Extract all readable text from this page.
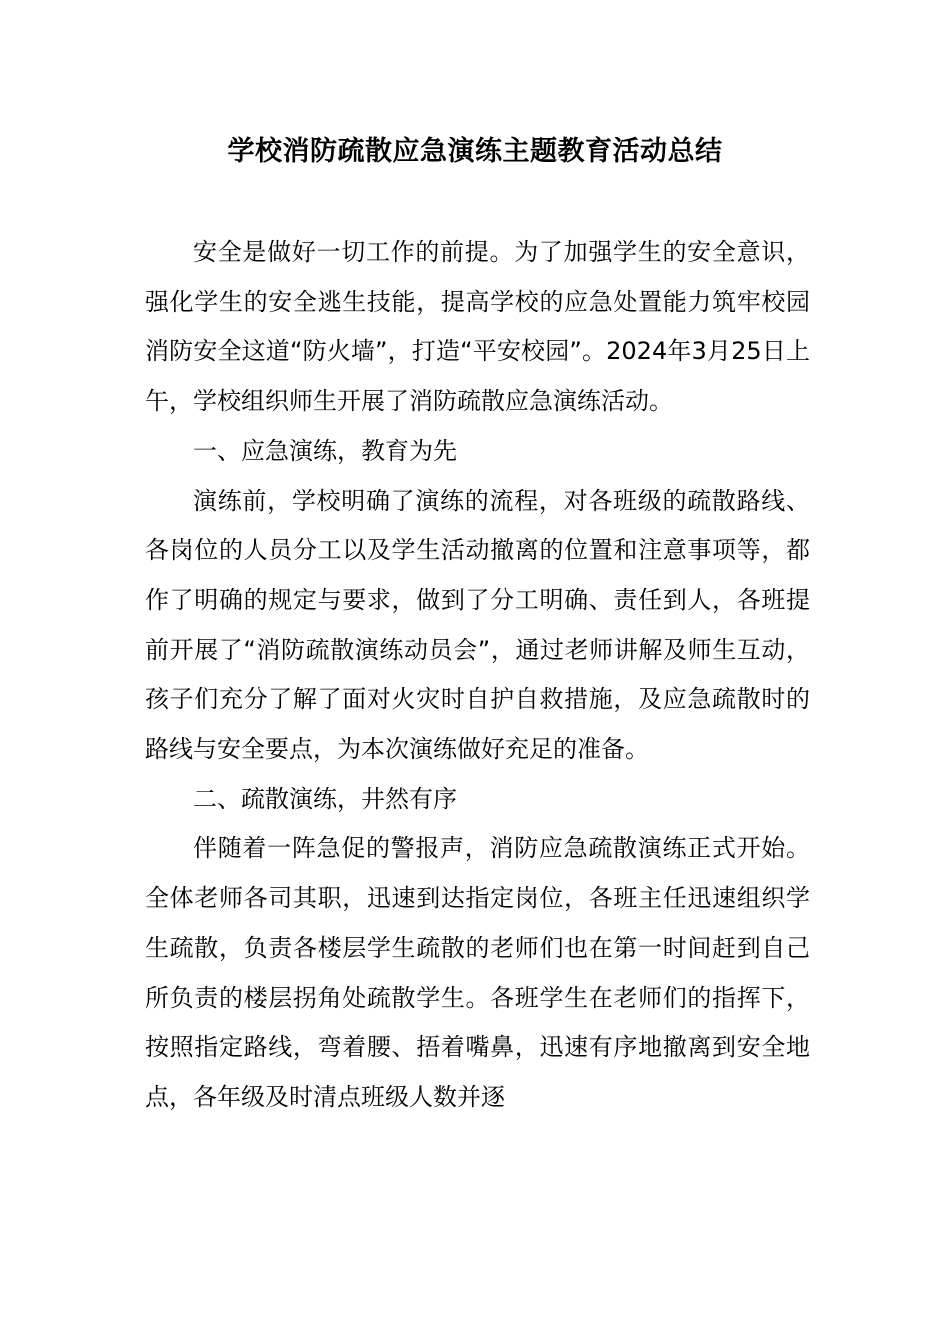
学校消防疏散应急演练主题教育活动总结

安全是做好一切工作的前提。为了加强学生的安全意识，强化学生的安全逃生技能，提高学校的应急处置能力筑牢校园消防安全这道“防火墙”，打造“平安校园”。2024年3月25日上午，学校组织师生开展了消防疏散应急演练活动。

一、应急演练，教育为先

演练前，学校明确了演练的流程，对各班级的疏散路线、各岗位的人员分工以及学生活动撤离的位置和注意事项等，都作了明确的规定与要求，做到了分工明确、责任到人，各班提前开展了“消防疏散演练动员会”，通过老师讲解及师生互动，孩子们充分了解了面对火灾时自护自救措施，及应急疏散时的路线与安全要点，为本次演练做好充足的准备。

二、疏散演练，井然有序

伴随着一阵急促的警报声，消防应急疏散演练正式开始。全体老师各司其职，迅速到达指定岗位，各班主任迅速组织学生疏散，负责各楼层学生疏散的老师们也在第一时间赶到自己所负责的楼层拐角处疏散学生。各班学生在老师们的指挥下，按照指定路线，弯着腰、捂着嘴鼻，迅速有序地撤离到安全地点，各年级及时清点班级人数并逐
